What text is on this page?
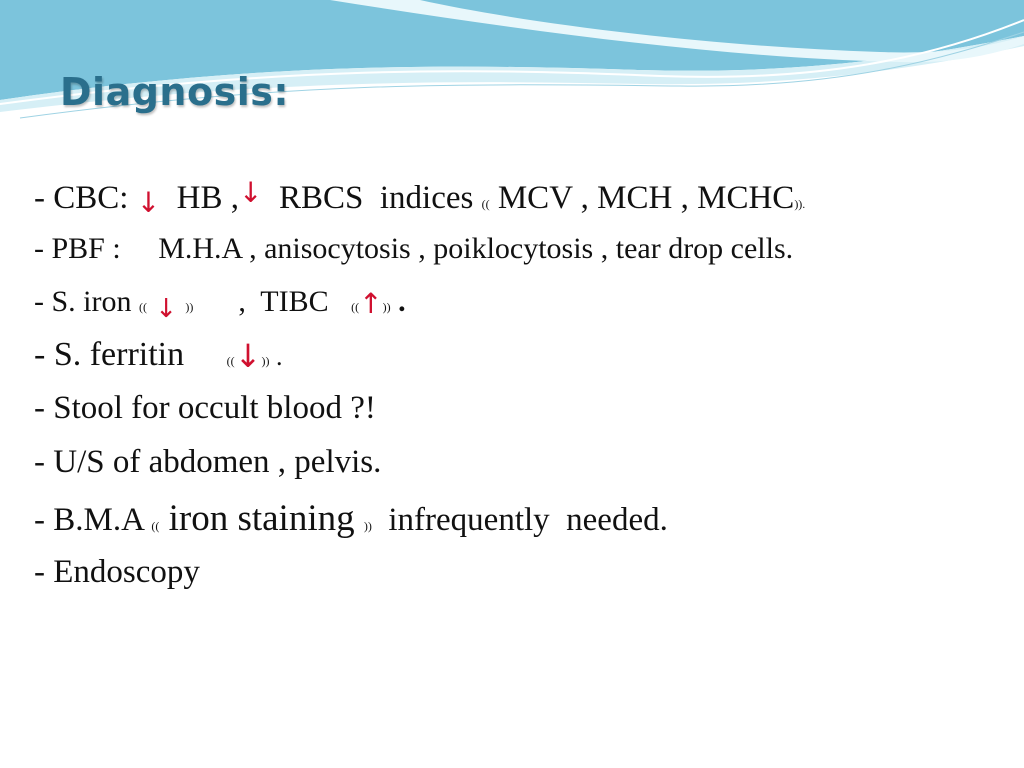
Diagnosis:
- CBC: ↓  HB ,↓  RBCS  indices (( MCV , MCH , MCHC)).
- PBF :     M.H.A , anisocytosis , poiklocytosis , tear drop cells.
- S. iron (( ↓ ))      ,  TIBC   ((↑)) .
- S. ferritin     ((↓)) .
- Stool for occult blood ?!
- U/S of abdomen , pelvis.
- B.M.A (( iron staining ))  infrequently  needed.
- Endoscopy
